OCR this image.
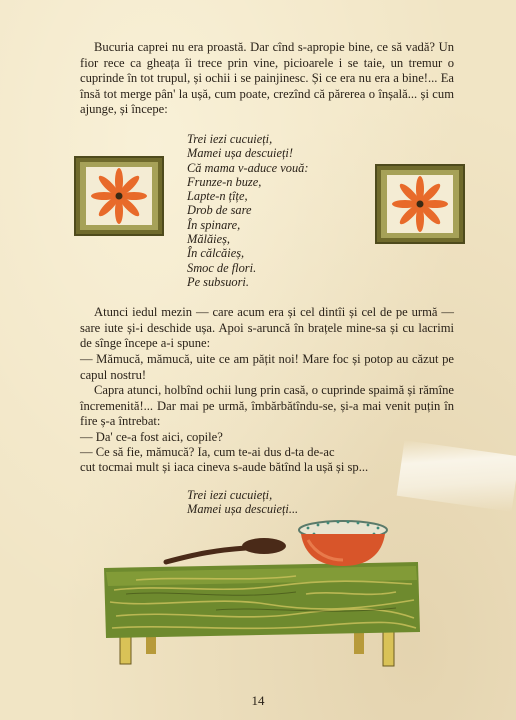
Bucuria caprei nu era proastă. Dar cînd s-apropie bine, ce să vadă? Un fior rece ca gheața îi trece prin vine, picioarele i se taie, un tremur o cuprinde în tot trupul, și ochii i se painjinesc. Și ce era nu era a bine!... Ea însă tot merge pân' la ușă, cum poate, crezînd că părerea o înșală... și cum ajunge, și începe:

Trei iezi cucuieți,
Mamei ușa descuieți!
Că mama v-aduce vouă:
Frunze-n buze,
Lapte-n țîțe,
Drob de sare
În spinare,
Mălăieș,
În călcăieș,
Smoc de flori.
Pe subsuori.

Atunci iedul mezin — care acum era și cel dintîi și cel de pe urmă — sare iute și-i deschide ușa. Apoi s-aruncă în brațele mine-sa și cu lacrimi de sînge începe a-i spune:

— Mămucă, mămucă, uite ce am pățit noi! Mare foc și potop au căzut pe capul nostru!

Capra atunci, holbînd ochii lung prin casă, o cuprinde spaimă și rămîne încremenită!... Dar mai pe urmă, îmbărbătîndu-se, și-a mai venit puțin în fire ș-a întrebat:

— Da' ce-a fost aici, copile?

— Ce să fie, mămucă? Ia, cum te-ai dus d-ta de-ac

cut tocmai mult și iaca cineva s-aude bătînd la ușă și sp...

Trei iezi cucuieți,
Mamei ușa descuieți...
14
